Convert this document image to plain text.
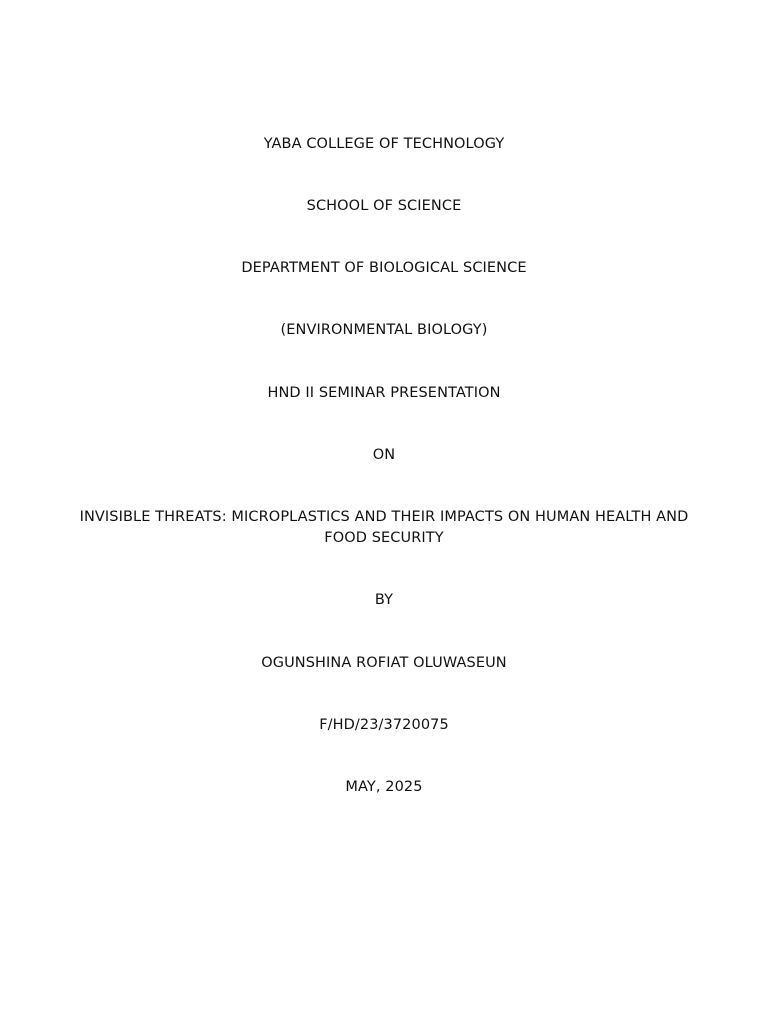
YABA COLLEGE OF TECHNOLOGY
SCHOOL OF SCIENCE
DEPARTMENT OF BIOLOGICAL SCIENCE
(ENVIRONMENTAL BIOLOGY)
HND II SEMINAR PRESENTATION
ON
INVISIBLE THREATS: MICROPLASTICS AND THEIR IMPACTS ON HUMAN HEALTH AND FOOD SECURITY
BY
OGUNSHINA ROFIAT OLUWASEUN
F/HD/23/3720075
MAY, 2025
